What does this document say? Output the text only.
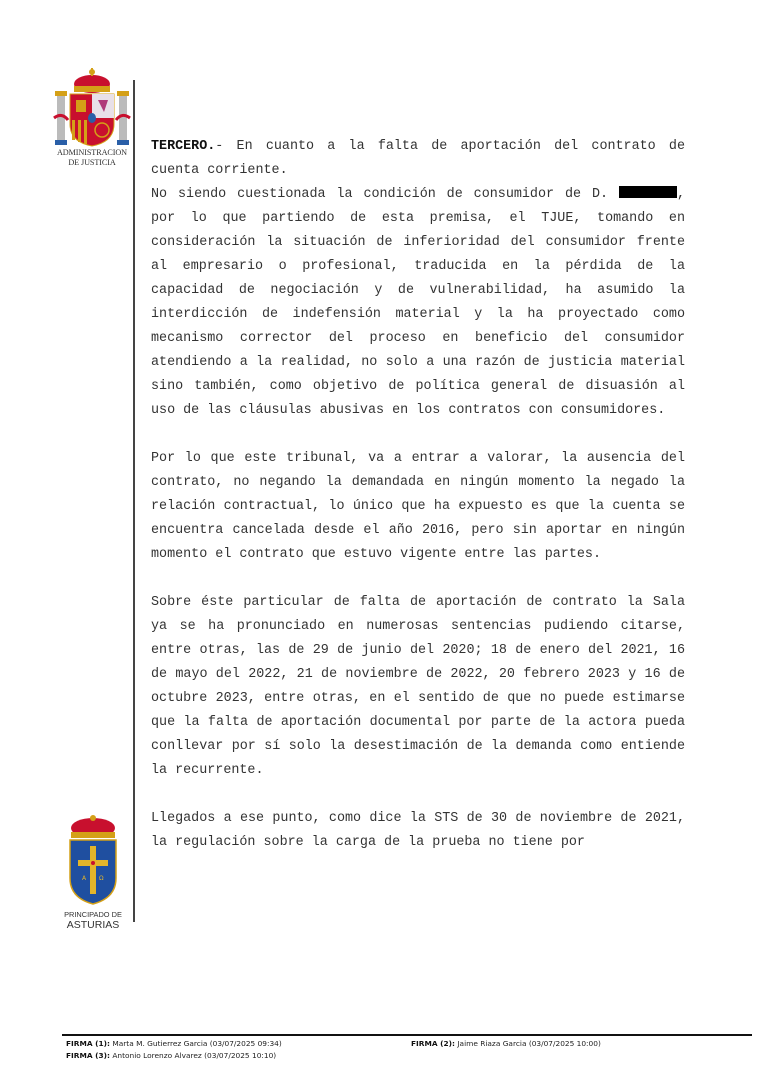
ADMINISTRACION
DE JUSTICIA

TERCERO.- En cuanto a la falta de aportación del contrato de cuenta corriente.

No siendo cuestionada la condición de consumidor de D.	, por lo que partiendo de esta premisa, el TJUE, tomando en consideración la situación de inferioridad del consumidor frente al empresario o profesional, traducida en la pérdida de la capacidad de negociación y de vulnerabilidad, ha asumido la interdicción de indefensión material y la ha proyectado como mecanismo corrector del proceso en beneficio del consumidor atendiendo a la realidad, no solo a una razón de justicia material sino también, como objetivo de política general de disuasión al uso de las cláusulas abusivas en los contratos con consumidores.

Por lo que este tribunal, va a entrar a valorar, la ausencia del contrato, no negando la demandada en ningún momento la negado la relación contractual, lo único que ha expuesto es que la cuenta se encuentra cancelada desde el año 2016, pero sin aportar en ningún momento el contrato que estuvo vigente entre las partes.

Sobre éste particular de falta de aportación de contrato la Sala ya se ha pronunciado en numerosas sentencias pudiendo citarse, entre otras, las de 29 de junio del 2020; 18 de enero del 2021, 16 de mayo del 2022, 21 de noviembre de 2022, 20 febrero 2023 y 16 de octubre 2023, entre otras, en el sentido de que no puede estimarse que la falta de aportación documental por parte de la actora pueda conllevar por sí solo la desestimación de la demanda como entiende la recurrente.

Llegados a ese punto, como dice la STS de 30 de noviembre de 2021, la regulación sobre la carga de la prueba no tiene por

A Ω
PRINCIPADO DE
ASTURIAS
FIRMA (1): Marta M. Gutierrez Garcia (03/07/2025 09:34)	FIRMA (2): Jaime Riaza Garcia (03/07/2025 10:00)
FIRMA (3): Antonio Lorenzo Alvarez (03/07/2025 10:10)
